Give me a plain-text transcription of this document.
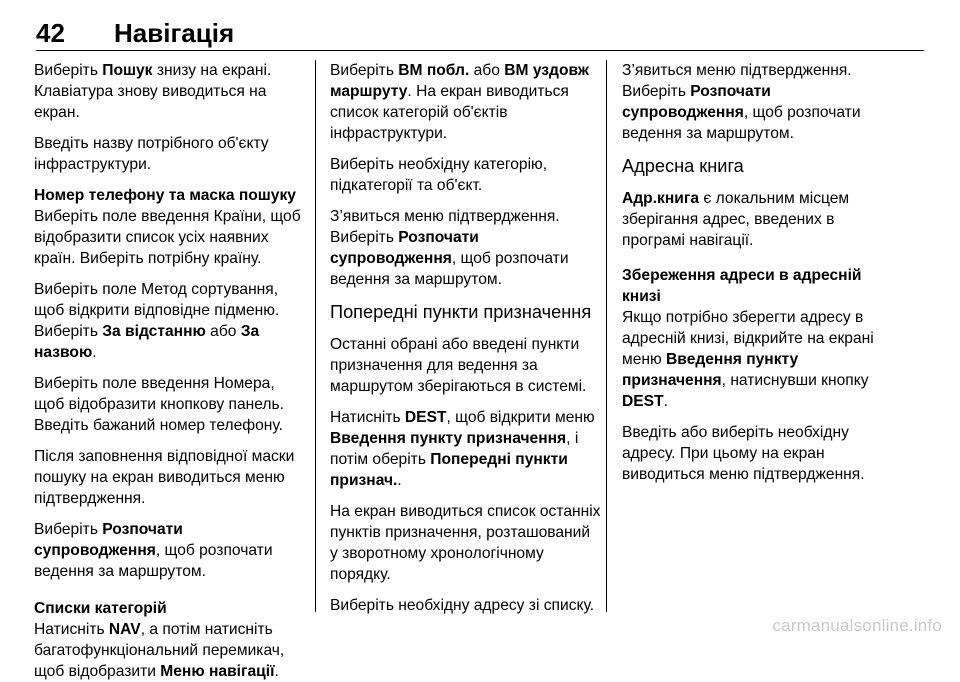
42 Навігація

Виберіть Пошук знизу на екрані. Клавіатура знову виводиться на екран.

Введіть назву потрібного об'єкту інфраструктури.

Номер телефону та маска пошуку

Виберіть поле введення Країни, щоб відобразити список усіх наявних країн. Виберіть потрібну країну.

Виберіть поле Метод сортування, щоб відкрити відповідне підменю. Виберіть За відстанню або За назвою.

Виберіть поле введення Номера, щоб відобразити кнопкову панель. Введіть бажаний номер телефону.

Після заповнення відповідної маски пошуку на екран виводиться меню підтвердження.

Виберіть Розпочати супроводження, щоб розпочати ведення за маршрутом.

Списки категорій

Натисніть NAV, а потім натисніть багатофункціональний перемикач, щоб відобразити Меню навігації.

Виберіть ВМ побл. або ВМ уздовж маршруту. На екран виводиться список категорій об'єктів інфраструктури.

Виберіть необхідну категорію, підкатегорії та об'єкт.

З’явиться меню підтвердження. Виберіть Розпочати супроводження, щоб розпочати ведення за маршрутом.

Попередні пункти призначення

Останні обрані або введені пункти призначення для ведення за маршрутом зберігаються в системі.

Натисніть DEST, щоб відкрити меню Введення пункту призначення, і потім оберіть Попередні пункти признач..

На екран виводиться список останніх пунктів призначення, розташований у зворотному хронологічному порядку.

Виберіть необхідну адресу зі списку.

З’явиться меню підтвердження. Виберіть Розпочати супроводження, щоб розпочати ведення за маршрутом.

Адресна книга

Адр.книга є локальним місцем зберігання адрес, введених в програмі навігації.

Збереження адреси в адресній книзі

Якщо потрібно зберегти адресу в адресній книзі, відкрийте на екрані меню Введення пункту призначення, натиснувши кнопку DEST.

Введіть або виберіть необхідну адресу. При цьому на екран виводиться меню підтвердження.

carmanualsonline.info
